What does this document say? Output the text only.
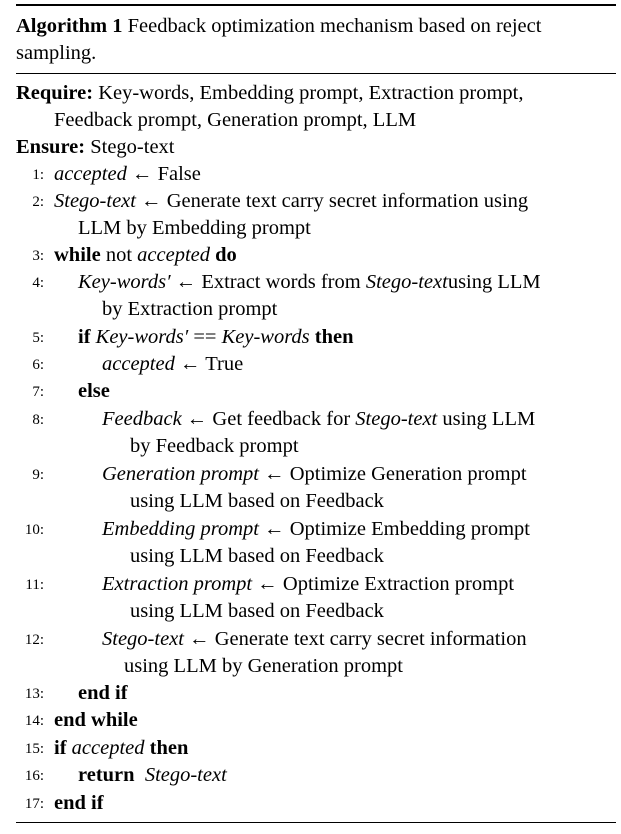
Algorithm 1 Feedback optimization mechanism based on reject
sampling.
Require: Key-words, Embedding prompt, Extraction prompt,
Feedback prompt, Generation prompt, LLM
Ensure: Stego-text
1: accepted ← False
2: Stego-text ← Generate text carry secret information using
LLM by Embedding prompt
3: while not accepted do
4: Key-words′ ← Extract words from Stego-textusing LLM
by Extraction prompt
5: if Key-words′ == Key-words then
6:	accepted ← True
7: else
8:	Feedback ← Get feedback for Stego-text using LLM
by Feedback prompt
9:	Generation prompt ← Optimize Generation prompt
using LLM based on Feedback
10:	Embedding prompt ← Optimize Embedding prompt
using LLM based on Feedback
11:	Extraction prompt ← Optimize Extraction prompt
using LLM based on Feedback
12:	Stego-text ← Generate text carry secret information
using LLM by Generation prompt
13: end if
14: end while
15: if accepted then
16: return Stego-text
17: end if
